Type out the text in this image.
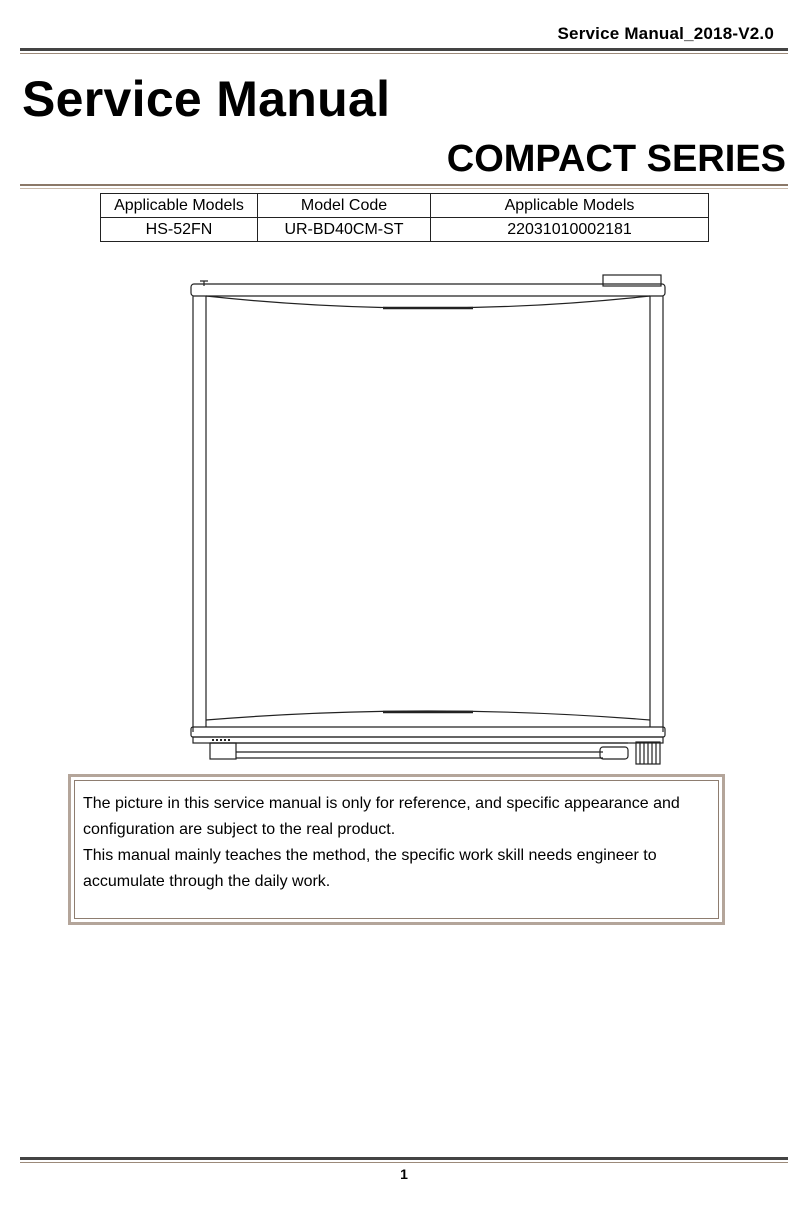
Service Manual_2018-V2.0
Service Manual
COMPACT SERIES
Applicable Models	Model Code	Applicable Models
HS-52FN	UR-BD40CM-ST	22031010002181

The picture in this service manual is only for reference, and specific appearance and configuration are subject to the real product.

This manual mainly teaches the method, the specific work skill needs engineer to accumulate through the daily work.

1
